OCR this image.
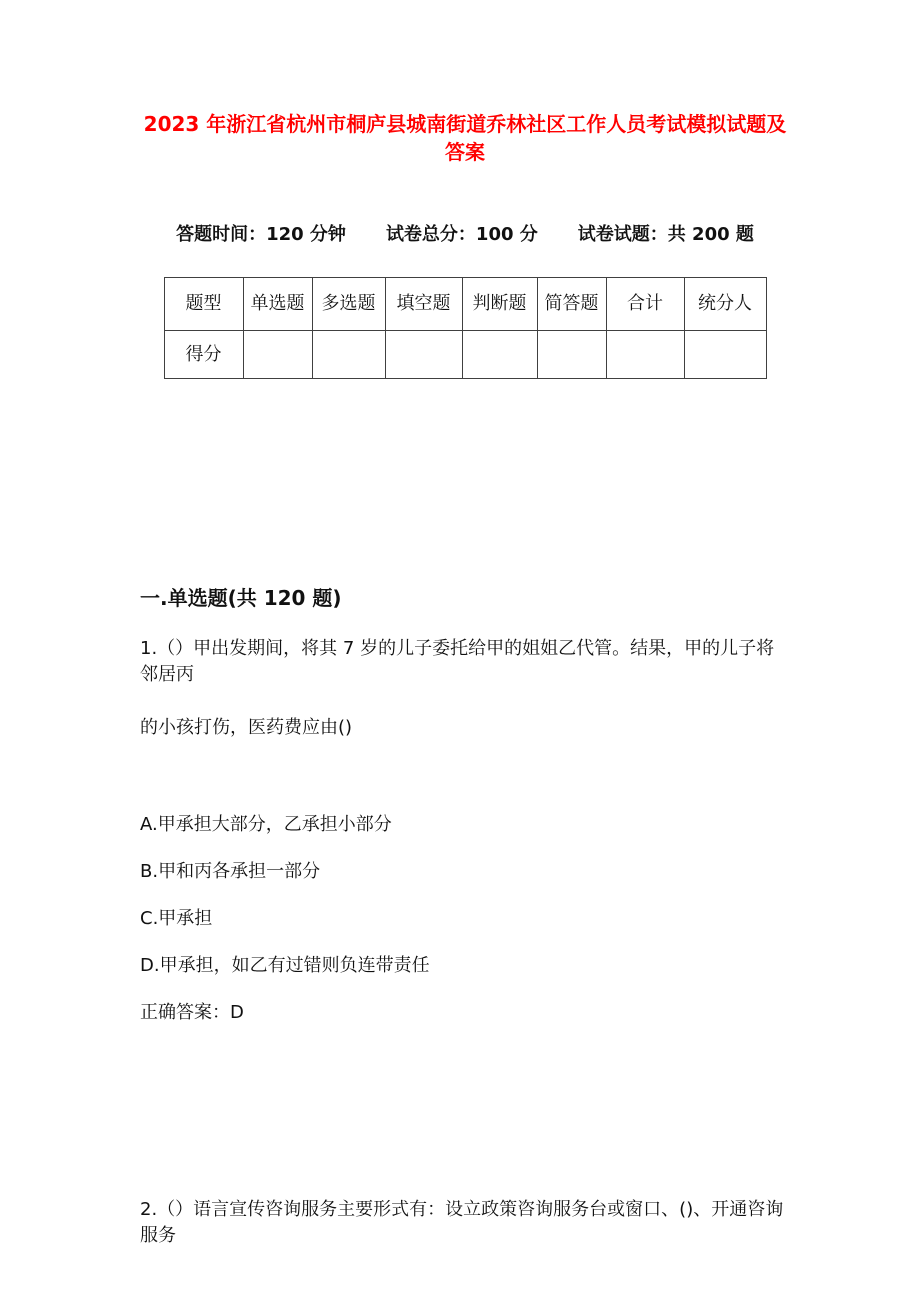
2023 年浙江省杭州市桐庐县城南街道乔林社区工作人员考试模拟试题及答案
答题时间：120 分钟 试卷总分：100 分 试卷试题：共 200 题
题型	单选题	多选题	填空题	判断题	简答题	合计	统分人
得分							
一.单选题(共 120 题)

1.（）甲出发期间，将其 7 岁的儿子委托给甲的姐姐乙代管。结果，甲的儿子将邻居丙

的小孩打伤，医药费应由()

A.甲承担大部分，乙承担小部分

B.甲和丙各承担一部分

C.甲承担

D.甲承担，如乙有过错则负连带责任

正确答案：D

2.（）语言宣传咨询服务主要形式有：设立政策咨询服务台或窗口、()、开通咨询服务
